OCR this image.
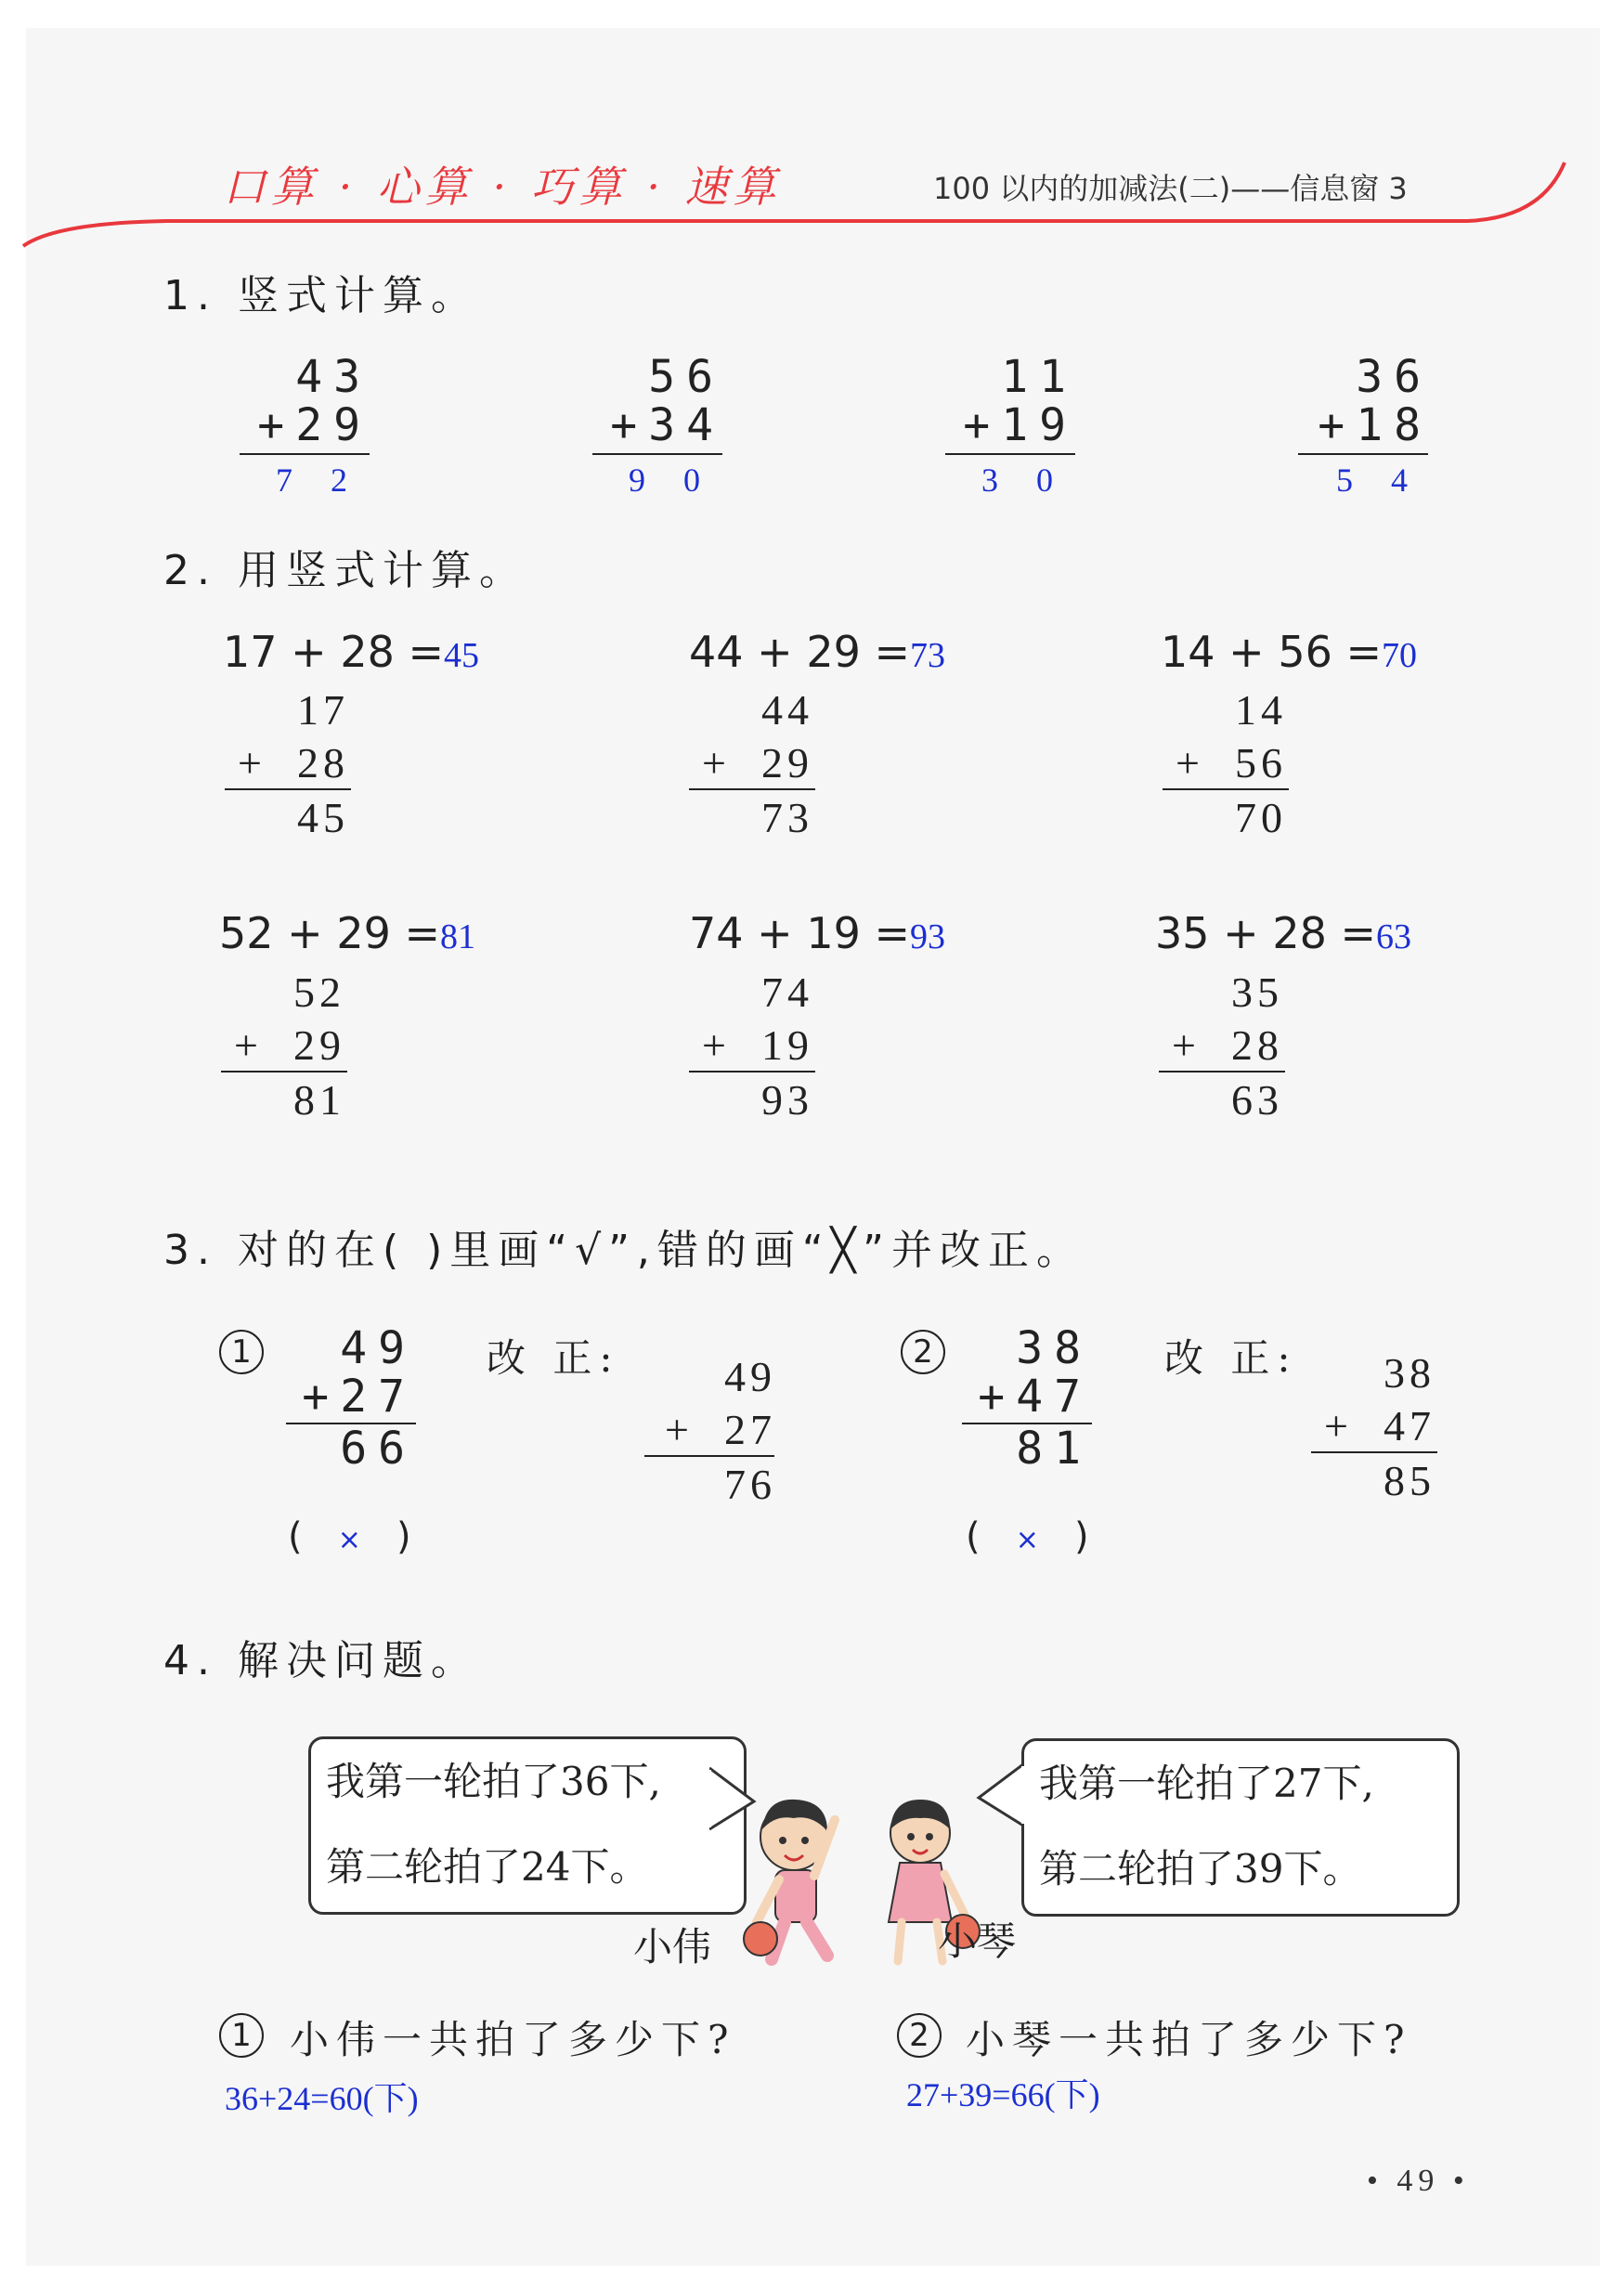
口算 · 心算 · 巧算 · 速算	100 以内的加减法(二)——信息窗 3
1. 竖式计算。
43
+29
7 2
56
+34
9 0
11
+19
3 0
36
+18
5 4
2. 用竖式计算。
17 + 28 =45
17
+  28
45
44 + 29 =73
44
+  29
73
14 + 56 =70
14
+  56
70
52 + 29 =81
52
+  29
81
74 + 19 =93
74
+  19
93
35 + 28 =63
35
+  28
63
3. 对的在( )里画“√”,错的画“╳”并改正。
1	49
+27
66
(   ×   )
改 正:	49
+  27
76
2	38
+47
81
(   ×   )
改 正:	38
+  47
85
4. 解决问题。
我第一轮拍了36下,
第二轮拍了24下。
我第一轮拍了27下,
第二轮拍了39下。
小伟	小琴
1 小伟一共拍了多少下?
36+24=60(下)
2 小琴一共拍了多少下?
27+39=66(下)
• 49 •
